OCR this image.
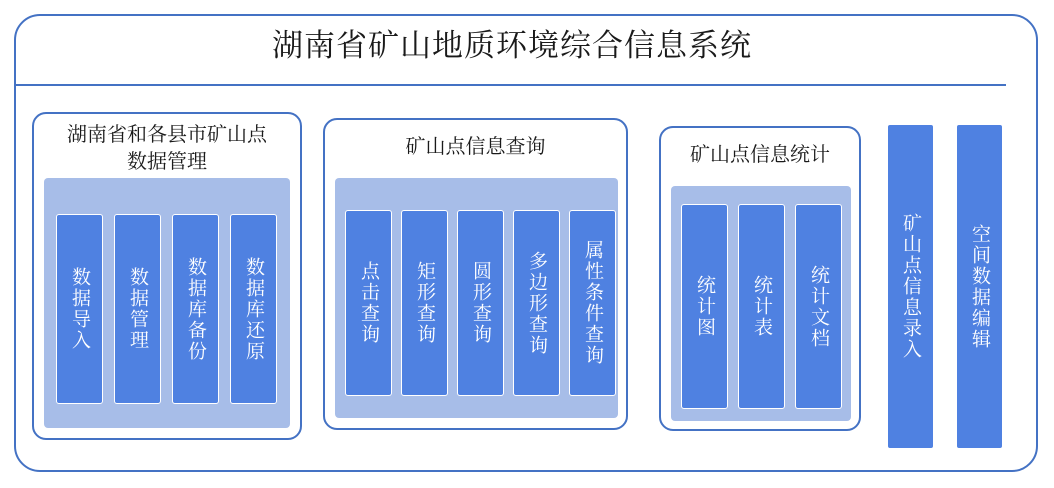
湖南省矿山地质环境综合信息系统
湖南省和各县市矿山点
数据管理
数据导入 数据管理 数据库备份 数据库还原
矿山点信息查询
点击查询 矩形查询 圆形查询 多边形查询 属性条件查询
矿山点信息统计
统计图 统计表 统计文档	矿山点信息录入	空间数据编辑
